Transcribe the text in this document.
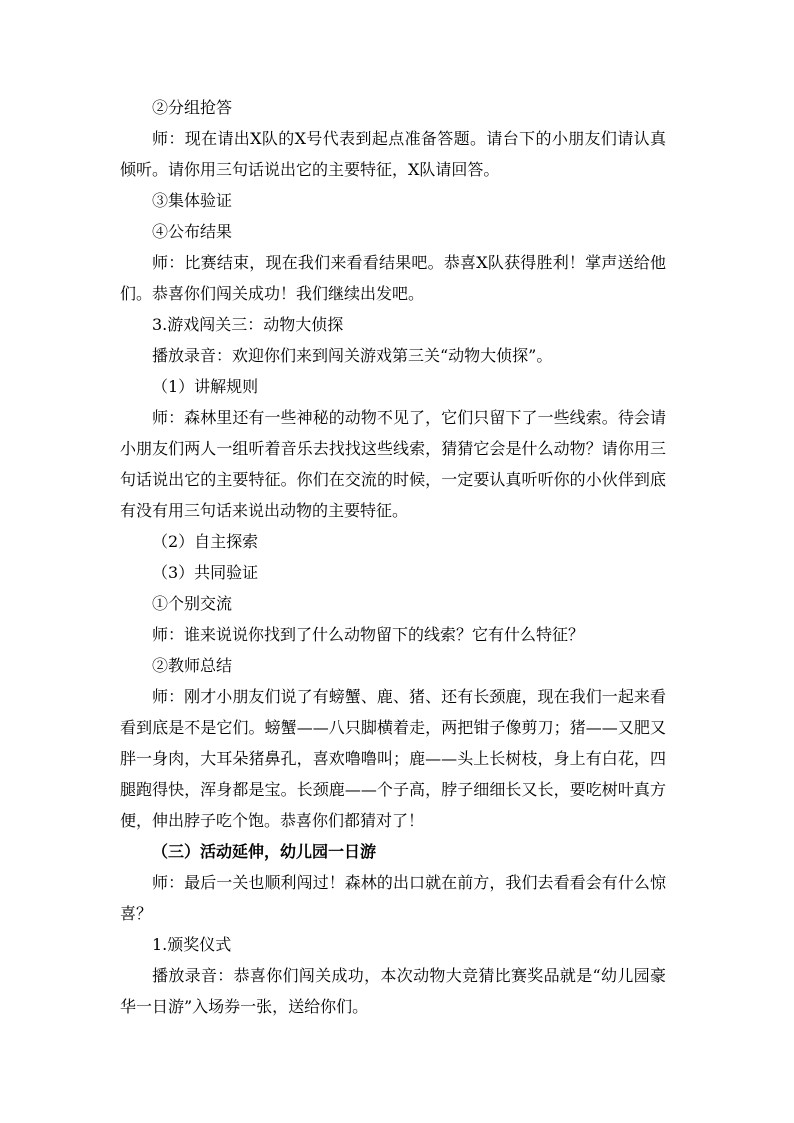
②分组抢答

师：现在请出X队的X号代表到起点准备答题。请台下的小朋友们请认真倾听。请你用三句话说出它的主要特征，X队请回答。

③集体验证

④公布结果

师：比赛结束，现在我们来看看结果吧。恭喜X队获得胜利！掌声送给他们。恭喜你们闯关成功！我们继续出发吧。

3.游戏闯关三：动物大侦探

播放录音：欢迎你们来到闯关游戏第三关“动物大侦探”。

（1）讲解规则

师：森林里还有一些神秘的动物不见了，它们只留下了一些线索。待会请小朋友们两人一组听着音乐去找找这些线索，猜猜它会是什么动物？请你用三句话说出它的主要特征。你们在交流的时候，一定要认真听听你的小伙伴到底有没有用三句话来说出动物的主要特征。

（2）自主探索

（3）共同验证

①个别交流

师：谁来说说你找到了什么动物留下的线索？它有什么特征？

②教师总结

师：刚才小朋友们说了有螃蟹、鹿、猪、还有长颈鹿，现在我们一起来看看到底是不是它们。螃蟹——八只脚横着走，两把钳子像剪刀；猪——又肥又胖一身肉，大耳朵猪鼻孔，喜欢噜噜叫；鹿——头上长树枝，身上有白花，四腿跑得快，浑身都是宝。长颈鹿——个子高，脖子细细长又长，要吃树叶真方便，伸出脖子吃个饱。恭喜你们都猜对了！

（三）活动延伸，幼儿园一日游

师：最后一关也顺利闯过！森林的出口就在前方，我们去看看会有什么惊喜？

1.颁奖仪式

播放录音：恭喜你们闯关成功，本次动物大竞猜比赛奖品就是“幼儿园豪华一日游”入场券一张，送给你们。
